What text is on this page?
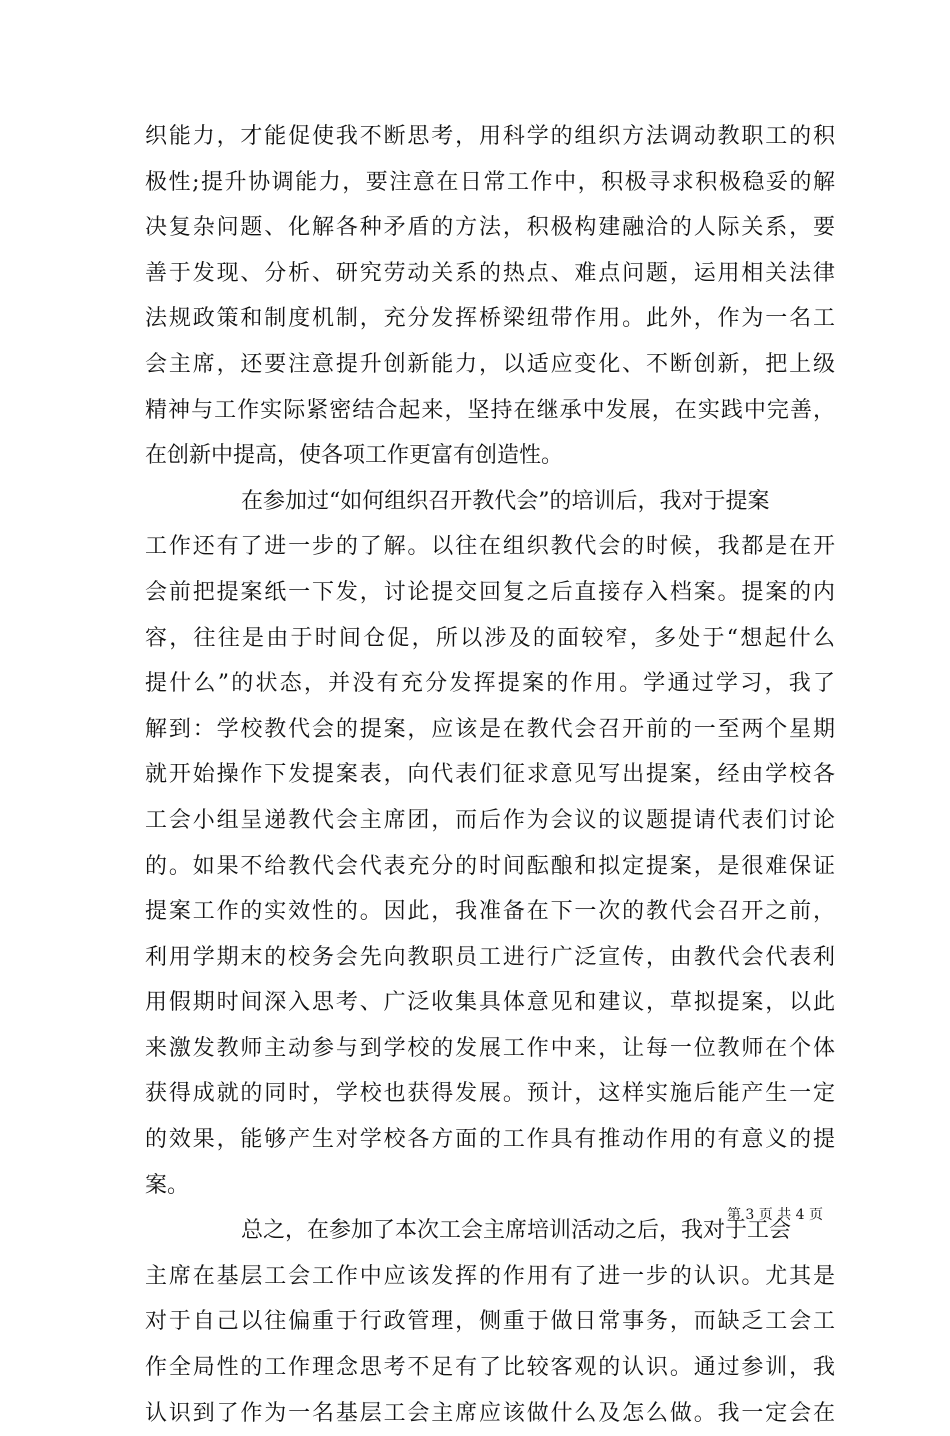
织能力，才能促使我不断思考，用科学的组织方法调动教职工的积
极性;提升协调能力，要注意在日常工作中，积极寻求积极稳妥的解
决复杂问题、化解各种矛盾的方法，积极构建融洽的人际关系，要
善于发现、分析、研究劳动关系的热点、难点问题，运用相关法律
法规政策和制度机制，充分发挥桥梁纽带作用。此外，作为一名工
会主席，还要注意提升创新能力，以适应变化、不断创新，把上级
精神与工作实际紧密结合起来，坚持在继承中发展，在实践中完善，
在创新中提高，使各项工作更富有创造性。
在参加过“如何组织召开教代会”的培训后，我对于提案
工作还有了进一步的了解。以往在组织教代会的时候，我都是在开
会前把提案纸一下发，讨论提交回复之后直接存入档案。提案的内
容，往往是由于时间仓促，所以涉及的面较窄，多处于“想起什么
提什么”的状态，并没有充分发挥提案的作用。学通过学习，我了
解到：学校教代会的提案，应该是在教代会召开前的一至两个星期
就开始操作下发提案表，向代表们征求意见写出提案，经由学校各
工会小组呈递教代会主席团，而后作为会议的议题提请代表们讨论
的。如果不给教代会代表充分的时间酝酿和拟定提案，是很难保证
提案工作的实效性的。因此，我准备在下一次的教代会召开之前，
利用学期末的校务会先向教职员工进行广泛宣传，由教代会代表利
用假期时间深入思考、广泛收集具体意见和建议，草拟提案，以此
来激发教师主动参与到学校的发展工作中来，让每一位教师在个体
获得成就的同时，学校也获得发展。预计，这样实施后能产生一定
的效果，能够产生对学校各方面的工作具有推动作用的有意义的提
案。
总之，在参加了本次工会主席培训活动之后，我对于工会
主席在基层工会工作中应该发挥的作用有了进一步的认识。尤其是
对于自己以往偏重于行政管理，侧重于做日常事务，而缺乏工会工
作全局性的工作理念思考不足有了比较客观的认识。通过参训，我
认识到了作为一名基层工会主席应该做什么及怎么做。我一定会在
第 3 页 共 4 页
